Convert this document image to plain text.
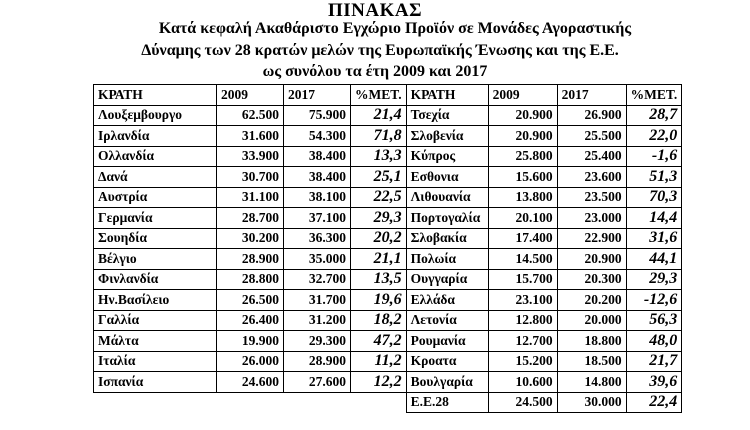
ΠΙΝΑΚΑΣ
Κατά κεφαλή Ακαθάριστο Εγχώριο Προϊόν σε Μονάδες Αγοραστικής
Δύναμης των 28 κρατών μελών της Ευρωπαϊκής Ένωσης και της Ε.Ε.
ως συνόλου τα έτη 2009 και 2017
ΚΡΑΤΗ	2009	2017	%ΜΕΤ.	ΚΡΑΤΗ	2009	2017	%ΜΕΤ.
Λουξεμβουργο	62.500	75.900	21,4	Τσεχία	20.900	26.900	28,7
Ιρλανδία	31.600	54.300	71,8	Σλοβενία	20.900	25.500	22,0
Ολλανδία	33.900	38.400	13,3	Κύπρος	25.800	25.400	-1,6
Δανά	30.700	38.400	25,1	Εσθονια	15.600	23.600	51,3
Αυστρία	31.100	38.100	22,5	Λιθουανία	13.800	23.500	70,3
Γερμανία	28.700	37.100	29,3	Πορτογαλία	20.100	23.000	14,4
Σουηδία	30.200	36.300	20,2	Σλοβακία	17.400	22.900	31,6
Βέλγιο	28.900	35.000	21,1	Πολωία	14.500	20.900	44,1
Φινλανδία	28.800	32.700	13,5	Ουγγαρία	15.700	20.300	29,3
Ην.Βασίλειο	26.500	31.700	19,6	Ελλάδα	23.100	20.200	-12,6
Γαλλία	26.400	31.200	18,2	Λετονία	12.800	20.000	56,3
Μάλτα	19.900	29.300	47,2	Ρουμανία	12.700	18.800	48,0
Ιταλία	26.000	28.900	11,2	Κροατα	15.200	18.500	21,7
Ισπανία	24.600	27.600	12,2	Βουλγαρία	10.600	14.800	39,6
				Ε.Ε.28	24.500	30.000	22,4
